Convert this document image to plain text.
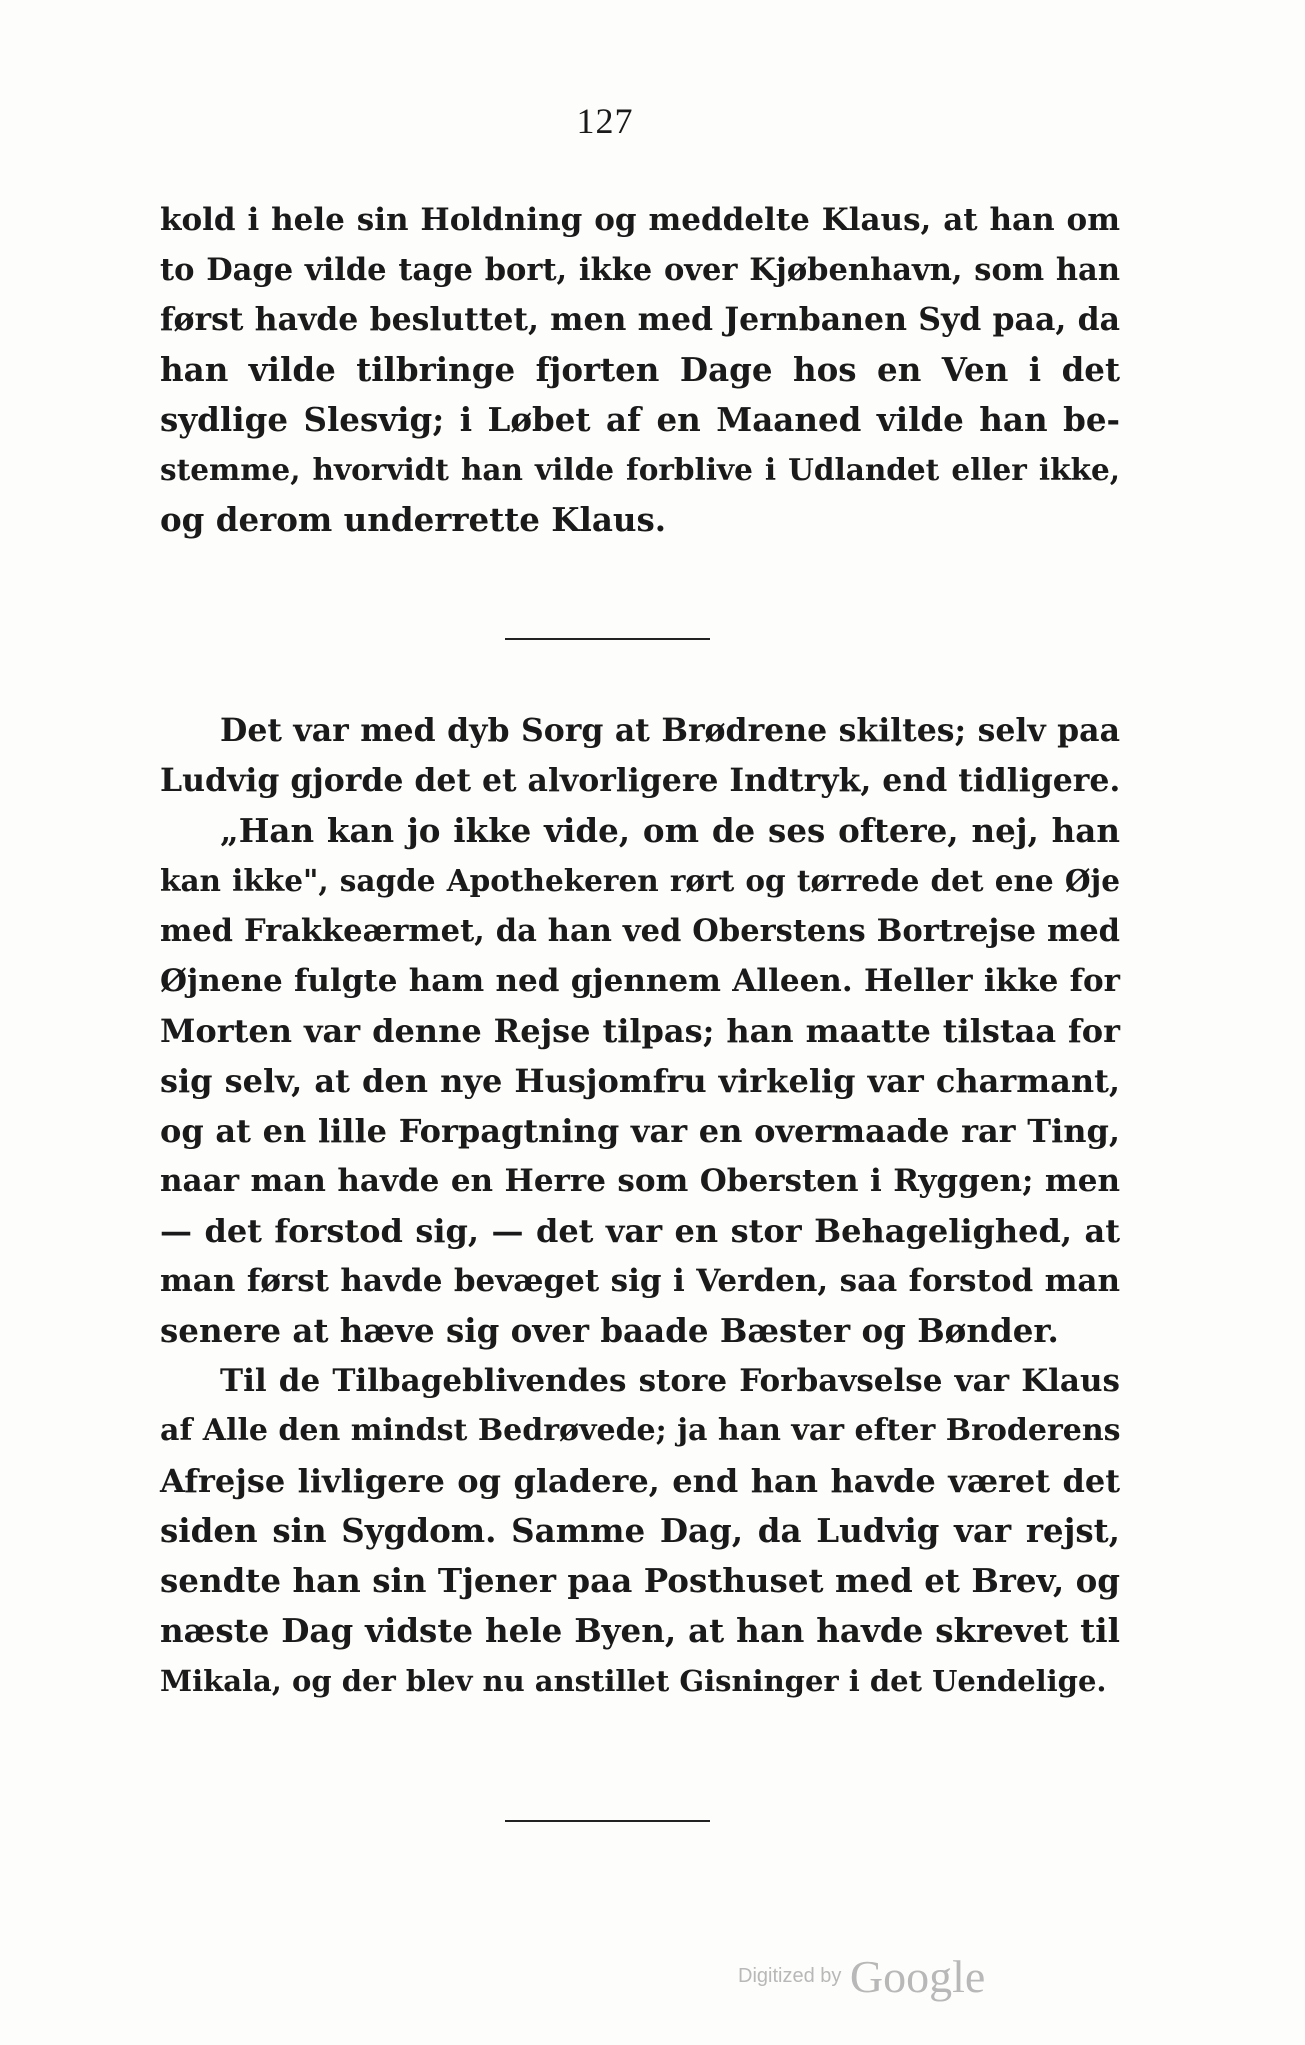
127
kold i hele sin Holdning og meddelte Klaus, at han om
to Dage vilde tage bort, ikke over Kjøbenhavn, som han
først havde besluttet, men med Jernbanen Syd paa, da
han vilde tilbringe fjorten Dage hos en Ven i det
sydlige Slesvig; i Løbet af en Maaned vilde han be-
stemme, hvorvidt han vilde forblive i Udlandet eller ikke,
og derom underrette Klaus.
Det var med dyb Sorg at Brødrene skiltes; selv paa
Ludvig gjorde det et alvorligere Indtryk, end tidligere.
„Han kan jo ikke vide, om de ses oftere, nej, han
kan ikke", sagde Apothekeren rørt og tørrede det ene Øje
med Frakkeærmet, da han ved Oberstens Bortrejse med
Øjnene fulgte ham ned gjennem Alleen. Heller ikke for
Morten var denne Rejse tilpas; han maatte tilstaa for
sig selv, at den nye Husjomfru virkelig var charmant,
og at en lille Forpagtning var en overmaade rar Ting,
naar man havde en Herre som Obersten i Ryggen; men
— det forstod sig, — det var en stor Behagelighed, at
man først havde bevæget sig i Verden, saa forstod man
senere at hæve sig over baade Bæster og Bønder.
Til de Tilbageblivendes store Forbavselse var Klaus
af Alle den mindst Bedrøvede; ja han var efter Broderens
Afrejse livligere og gladere, end han havde været det
siden sin Sygdom. Samme Dag, da Ludvig var rejst,
sendte han sin Tjener paa Posthuset med et Brev, og
næste Dag vidste hele Byen, at han havde skrevet til
Mikala, og der blev nu anstillet Gisninger i det Uendelige.
Digitized by Google
